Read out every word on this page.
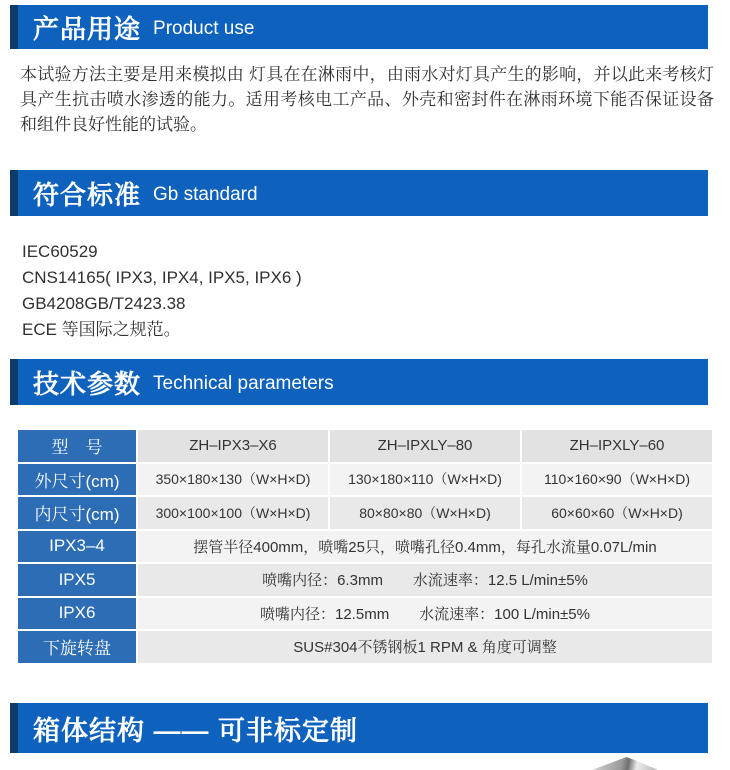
产品用途 Product use
本试验方法主要是用来模拟由 灯具在在淋雨中，由雨水对灯具产生的影响，并以此来考核灯具产生抗击喷水渗透的能力。适用考核电工产品、外壳和密封件在淋雨环境下能否保证设备和组件良好性能的试验。
符合标准 Gb standard
IEC60529
CNS14165( IPX3, IPX4, IPX5, IPX6 )
GB4208GB/T2423.38
ECE 等国际之规范。
技术参数 Technical parameters
型　号	ZH–IPX3–X6	ZH–IPXLY–80	ZH–IPXLY–60
外尺寸(cm)	350×180×130（W×H×D)	130×180×110（W×H×D)	110×160×90（W×H×D)
内尺寸(cm)	300×100×100（W×H×D)	80×80×80（W×H×D)	60×60×60（W×H×D)
IPX3–4	摆管半径400mm，喷嘴25只，喷嘴孔径0.4mm，每孔水流量0.07L/min
IPX5	喷嘴内径：6.3mm　　水流速率：12.5 L/min±5%
IPX6	喷嘴内径：12.5mm　　水流速率：100 L/min±5%
下旋转盘	SUS#304不锈钢板1 RPM & 角度可调整
箱体结构 —— 可非标定制
